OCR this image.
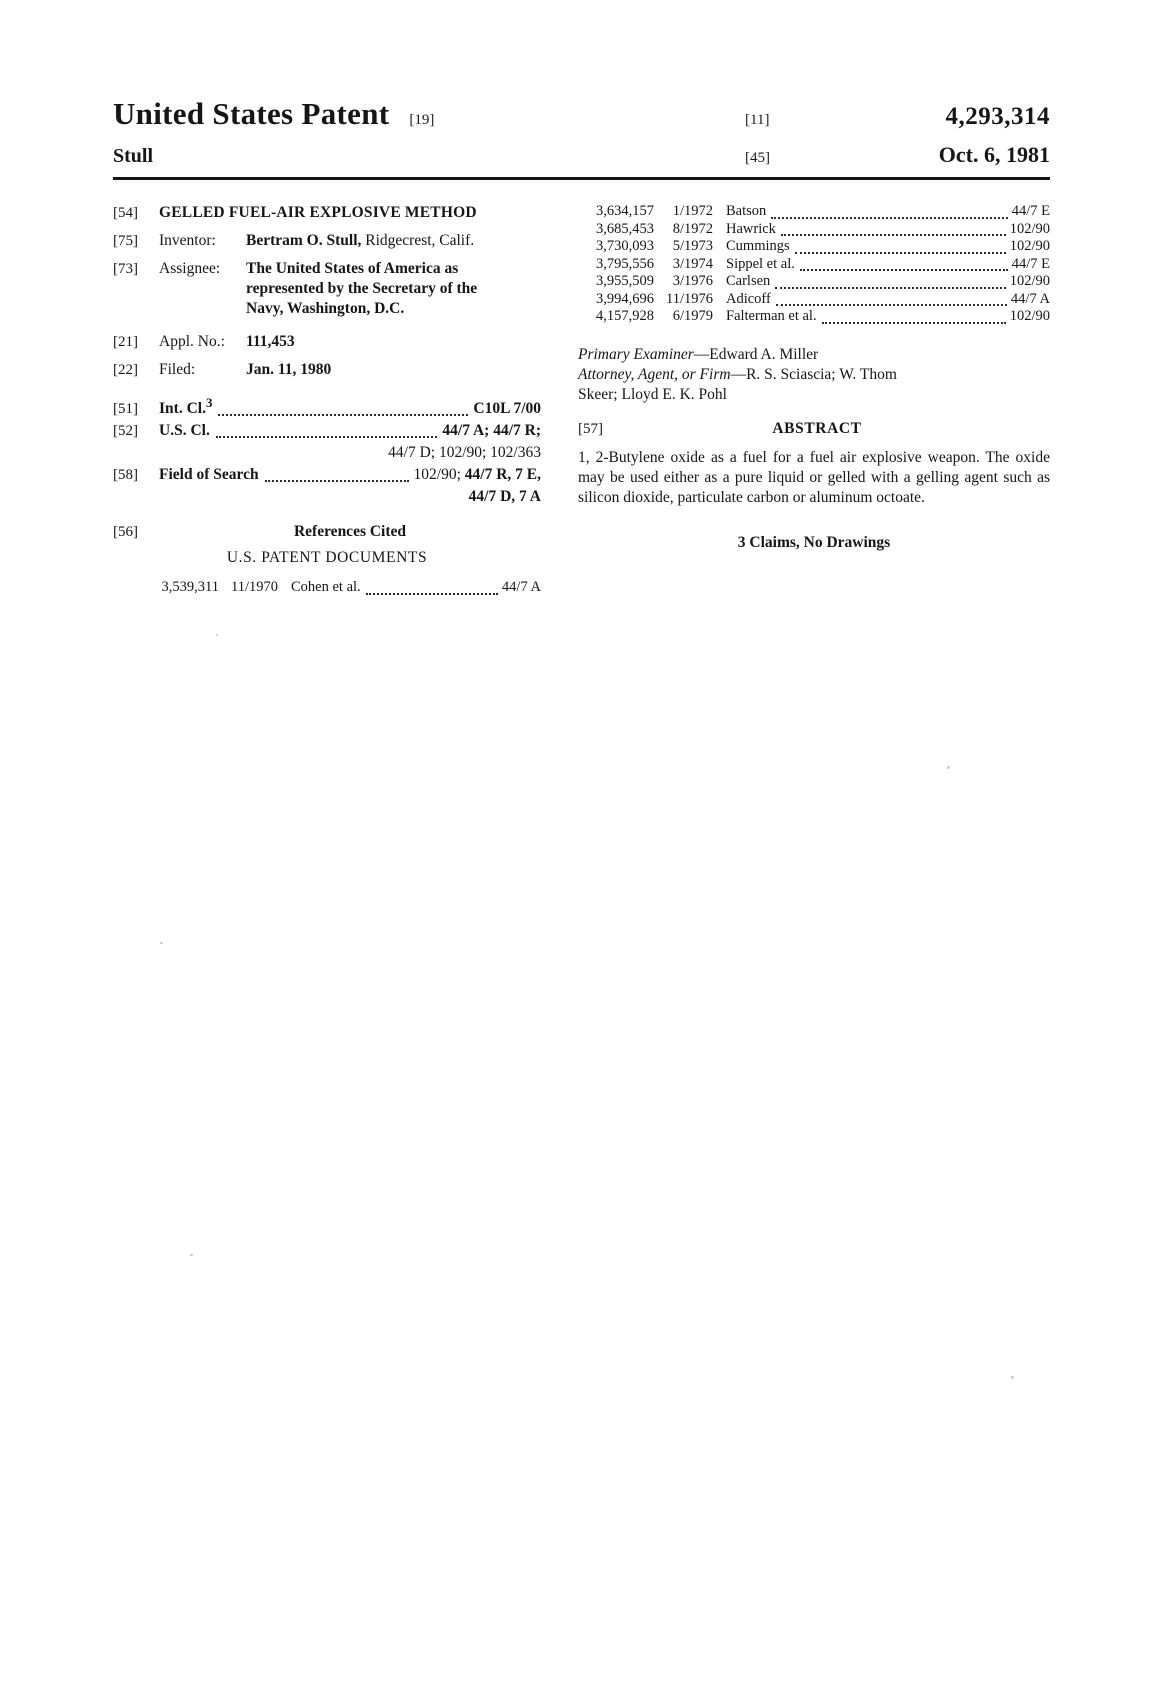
United States Patent [19]	[11]	4,293,314
Stull	[45]	Oct. 6, 1981
[54]	GELLED FUEL-AIR EXPLOSIVE METHOD
[75]	Inventor:	Bertram O. Stull, Ridgecrest, Calif.
[73]	Assignee:	The United States of America as
represented by the Secretary of the
Navy, Washington, D.C.
[21]	Appl. No.:	111,453
[22]	Filed:	Jan. 11, 1980
[51]	Int. Cl.$^3$	C10L 7/00
[52]	U.S. Cl.	44/7 A; 44/7 R;
44/7 D; 102/90; 102/363
[58]	Field of Search	102/90; 44/7 R, 7 E,
44/7 D, 7 A
[56]	References Cited
U.S. PATENT DOCUMENTS
3,539,311 11/1970 Cohen et al.	44/7 A
3,634,157	1/1972 Batson	44/7 E
3,685,453	8/1972 Hawrick	102/90
3,730,093	5/1973 Cummings	102/90
3,795,556	3/1974 Sippel et al.	44/7 E
3,955,509	3/1976 Carlsen	102/90
3,994,696 11/1976 Adicoff	44/7 A
4,157,928	6/1979 Falterman et al.	102/90
Primary Examiner—Edward A. Miller
Attorney, Agent, or Firm—R. S. Sciascia; W. Thom
Skeer; Lloyd E. K. Pohl
[57]	ABSTRACT

1, 2-Butylene oxide as a fuel for a fuel air explosive weapon. The oxide may be used either as a pure liquid or gelled with a gelling agent such as silicon dioxide, particulate carbon or aluminum octoate.

3 Claims, No Drawings
